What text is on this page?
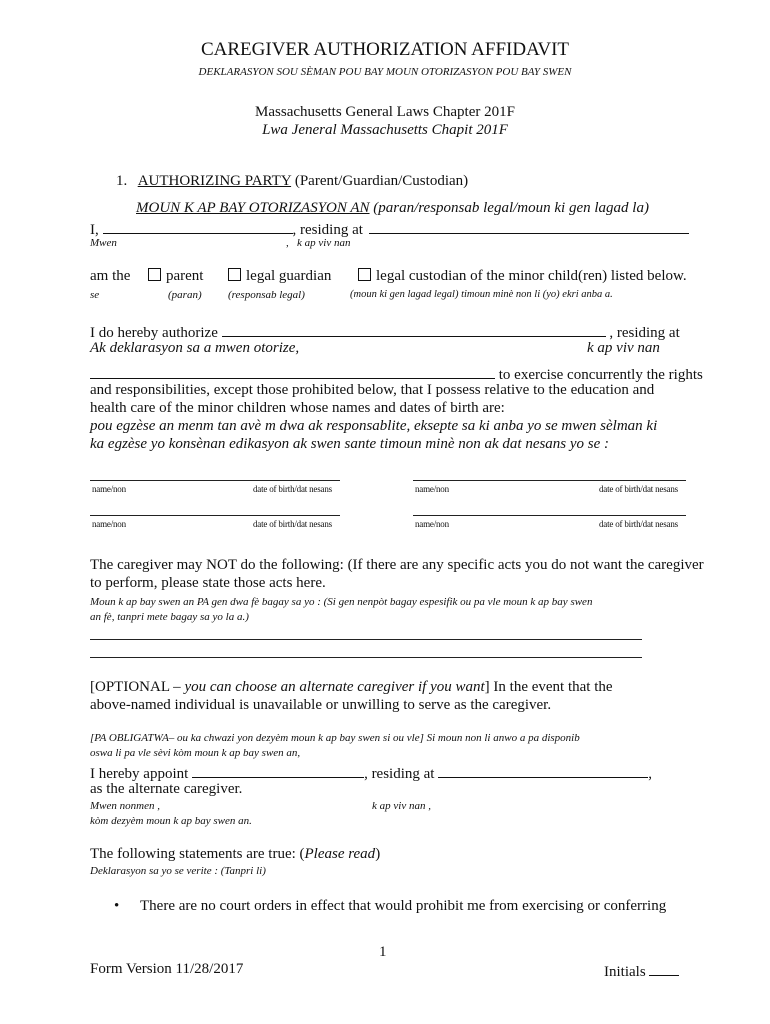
CAREGIVER AUTHORIZATION AFFIDAVIT
DEKLARASYON SOU SÈMAN POU BAY MOUN OTORIZASYON POU BAY SWEN
Massachusetts General Laws Chapter 201F
Lwa Jeneral Massachusetts Chapit 201F
1. AUTHORIZING PARTY (Parent/Guardian/Custodian)
MOUN K AP BAY OTORIZASYON AN (paran/responsab legal/moun ki gen lagad la)
I,	, residing at
Mwen	, k ap viv nan
am the	parent	legal guardian	legal custodian of the minor child(ren) listed below.
se	(paran) (responsab legal)	(moun ki gen lagad legal) timoun minè non li (yo) ekri anba a.
I do hereby authorize	, residing at
Ak deklarasyon sa a mwen otorize,	k ap viv nan
to exercise concurrently the rights
and responsibilities, except those prohibited below, that I possess relative to the education and
health care of the minor children whose names and dates of birth are:
pou egzèse an menm tan avè m dwa ak responsablite, eksepte sa ki anba yo se mwen sèlman ki
ka egzèse yo konsènan edikasyon ak swen sante timoun minè non ak dat nesans yo se :
name/non	date of birth/dat nesans	name/non	date of birth/dat nesans
name/non	date of birth/dat nesans	name/non	date of birth/dat nesans
The caregiver may NOT do the following: (If there are any specific acts you do not want the caregiver
to perform, please state those acts here.
Moun k ap bay swen an PA gen dwa fè bagay sa yo : (Si gen nenpòt bagay espesifik ou pa vle moun k ap bay swen
an fè, tanpri mete bagay sa yo la a.)
[OPTIONAL – you can choose an alternate caregiver if you want] In the event that the
above-named individual is unavailable or unwilling to serve as the caregiver.
[PA OBLIGATWA– ou ka chwazi yon dezyèm moun k ap bay swen si ou vle] Si moun non li anwo a pa disponib
oswa li pa vle sèvi kòm moun k ap bay swen an,
I hereby appoint	, residing at	,
as the alternate caregiver.
Mwen nonmen ,	k ap viv nan ,
kòm dezyèm moun k ap bay swen an.
The following statements are true: (Please read)
Deklarasyon sa yo se verite : (Tanpri li)
• There are no court orders in effect that would prohibit me from exercising or conferring
1
Form Version 11/28/2017	Initials
